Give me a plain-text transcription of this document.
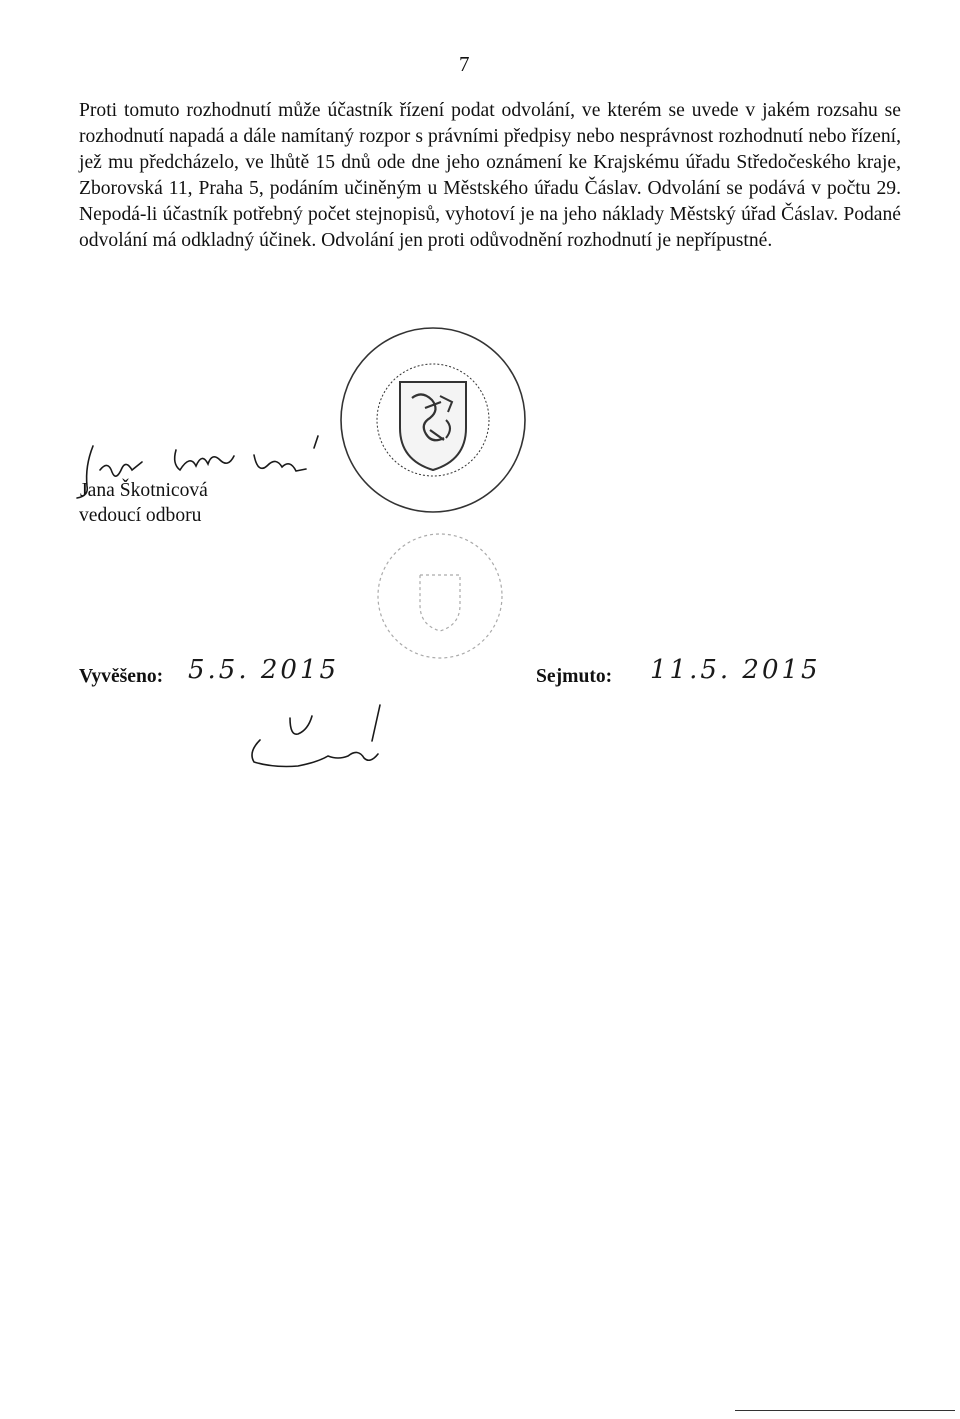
7

Proti tomuto rozhodnutí může účastník řízení podat odvolání, ve kterém se uvede v jakém rozsahu se rozhodnutí napadá a dále namítaný rozpor s právními předpisy nebo nesprávnost rozhodnutí nebo řízení, jež mu předcházelo, ve lhůtě 15 dnů ode dne jeho oznámení ke Krajskému úřadu Středočeského kraje, Zborovská 11, Praha 5, podáním učiněným u Městského úřadu Čáslav. Odvolání se podává v počtu 29. Nepodá-li účastník potřebný počet stejnopisů, vyhotoví je na jeho náklady Městský úřad Čáslav. Podané odvolání má odkladný účinek. Odvolání jen proti odůvodnění rozhodnutí je nepřípustné.

Jana Škotnicová
vedoucí odboru
Vyvěšeno: 5.5. 2015	Sejmuto: 11.5. 2015
